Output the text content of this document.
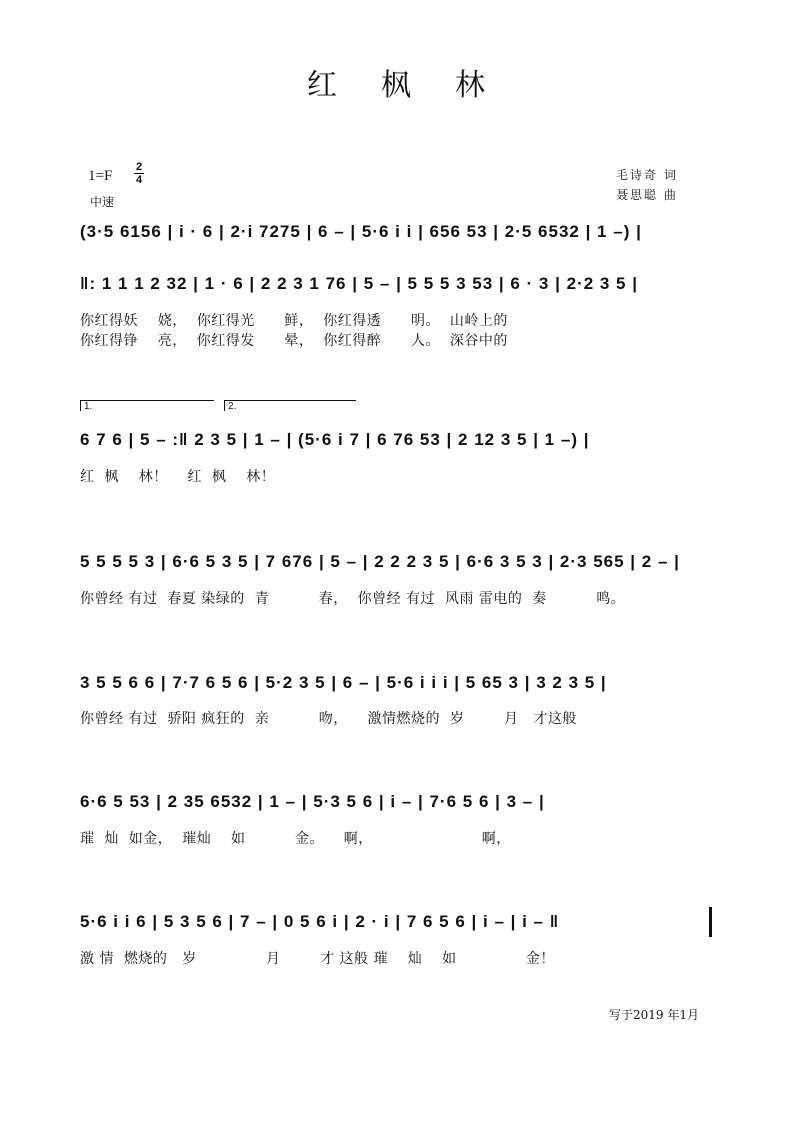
红枫林
1=F
2
4
中速
毛诗奇 词
聂思聪 曲
(3·5 6156 | i · 6 | 2·i 7275 | 6 – | 5·6 i i | 656 53 | 2·5 6532 | 1 –) |
‖: 1 1 1 2 32 | 1 · 6 | 2 2 3 1 76 | 5 – | 5 5 5 3 53 | 6 · 3 | 2·2 3 5 |
你红得妖    娆，  你红得光      鲜，  你红得透      明。  山岭上的
你红得铮    亮，  你红得发      晕，  你红得醉      人。  深谷中的
1.	2.
6 7 6 | 5 – :‖ 2 3 5 | 1 – | (5·6 i 7 | 6 76 53 | 2 12 3 5 | 1 –) |
红  枫    林！    红  枫    林！
5 5 5 5 3 | 6·6 5 3 5 | 7 676 | 5 – | 2 2 2 3 5 | 6·6 3 5 3 | 2·3 565 | 2 – |
你曾经 有过  春夏 染绿的  青          春，  你曾经 有过  风雨 雷电的  奏          鸣。
3 5 5 6 6 | 7·7 6 5 6 | 5·2 3 5 | 6 – | 5·6 i i i | 5 65 3 | 3 2 3 5 |
你曾经 有过  骄阳 疯狂的  亲          吻，    激情燃烧的  岁        月   才这般
6·6 5 53 | 2 35 6532 | 1 – | 5·3 5 6 | i – | 7·6 5 6 | 3 – |
璀  灿  如金，  璀灿    如          金。    啊，                      啊，
5·6 i i 6 | 5 3 5 6 | 7 – | 0 5 6 i | 2 · i | 7 6 5 6 | i – | i – ‖
激 情  燃烧的   岁              月        才 这般 璀    灿    如              金！
写于2019 年1月
